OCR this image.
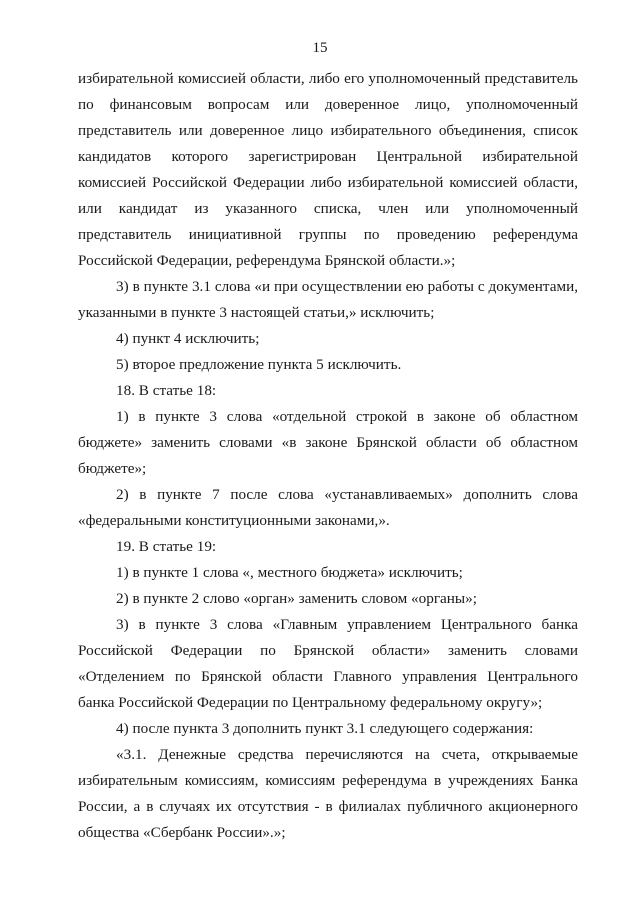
15

избирательной комиссией области, либо его уполномоченный представитель по финансовым вопросам или доверенное лицо, уполномоченный представитель или доверенное лицо избирательного объединения, список кандидатов которого зарегистрирован Центральной избирательной комиссией Российской Федерации либо избирательной комиссией области, или кандидат из указанного списка, член или уполномоченный представитель инициативной группы по проведению референдума Российской Федерации, референдума Брянской области.»;

3) в пункте 3.1 слова «и при осуществлении ею работы с документами, указанными в пункте 3 настоящей статьи,» исключить;

4) пункт 4 исключить;

5) второе предложение пункта 5 исключить.

18. В статье 18:

1) в пункте 3 слова «отдельной строкой в законе об областном бюджете» заменить словами «в законе Брянской области об областном бюджете»;

2) в пункте 7 после слова «устанавливаемых» дополнить слова «федеральными конституционными законами,».

19. В статье 19:

1) в пункте 1 слова «, местного бюджета» исключить;

2) в пункте 2 слово «орган» заменить словом «органы»;

3) в пункте 3 слова «Главным управлением Центрального банка Российской Федерации по Брянской области» заменить словами «Отделением по Брянской области Главного управления Центрального банка Российской Федерации по Центральному федеральному округу»;

4) после пункта 3 дополнить пункт 3.1 следующего содержания:

«3.1. Денежные средства перечисляются на счета, открываемые избирательным комиссиям, комиссиям референдума в учреждениях Банка России, а в случаях их отсутствия - в филиалах публичного акционерного общества «Сбербанк России».»;
